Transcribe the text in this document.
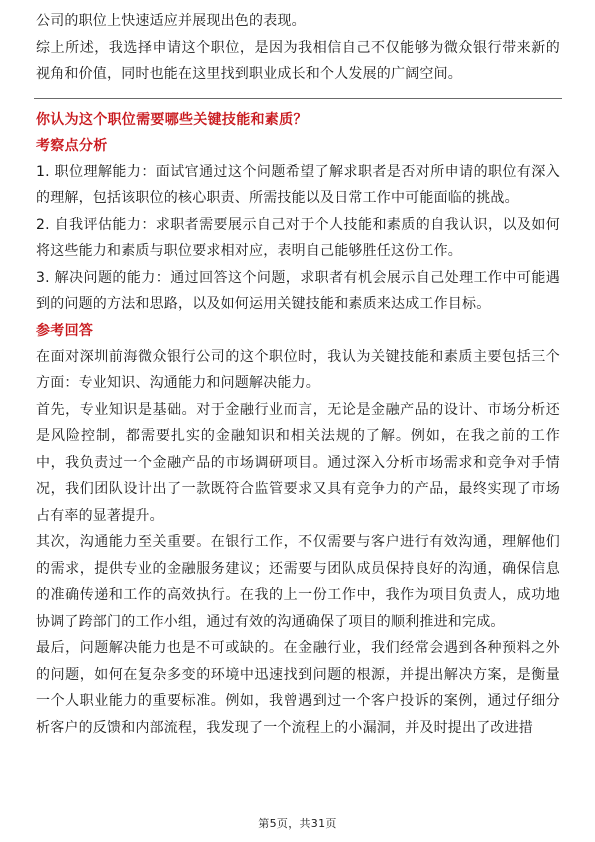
公司的职位上快速适应并展现出色的表现。

综上所述，我选择申请这个职位，是因为我相信自己不仅能够为微众银行带来新的视角和价值，同时也能在这里找到职业成长和个人发展的广阔空间。

你认为这个职位需要哪些关键技能和素质？

考察点分析

1. 职位理解能力：面试官通过这个问题希望了解求职者是否对所申请的职位有深入的理解，包括该职位的核心职责、所需技能以及日常工作中可能面临的挑战。

2. 自我评估能力：求职者需要展示自己对于个人技能和素质的自我认识，以及如何将这些能力和素质与职位要求相对应，表明自己能够胜任这份工作。

3. 解决问题的能力：通过回答这个问题，求职者有机会展示自己处理工作中可能遇到的问题的方法和思路，以及如何运用关键技能和素质来达成工作目标。

参考回答

在面对深圳前海微众银行公司的这个职位时，我认为关键技能和素质主要包括三个方面：专业知识、沟通能力和问题解决能力。

首先，专业知识是基础。对于金融行业而言，无论是金融产品的设计、市场分析还是风险控制，都需要扎实的金融知识和相关法规的了解。例如，在我之前的工作中，我负责过一个金融产品的市场调研项目。通过深入分析市场需求和竞争对手情况，我们团队设计出了一款既符合监管要求又具有竞争力的产品，最终实现了市场占有率的显著提升。

其次，沟通能力至关重要。在银行工作，不仅需要与客户进行有效沟通，理解他们的需求，提供专业的金融服务建议；还需要与团队成员保持良好的沟通，确保信息的准确传递和工作的高效执行。在我的上一份工作中，我作为项目负责人，成功地协调了跨部门的工作小组，通过有效的沟通确保了项目的顺利推进和完成。

最后，问题解决能力也是不可或缺的。在金融行业，我们经常会遇到各种预料之外的问题，如何在复杂多变的环境中迅速找到问题的根源，并提出解决方案，是衡量一个人职业能力的重要标准。例如，我曾遇到过一个客户投诉的案例，通过仔细分析客户的反馈和内部流程，我发现了一个流程上的小漏洞，并及时提出了改进措

第5页，共31页
